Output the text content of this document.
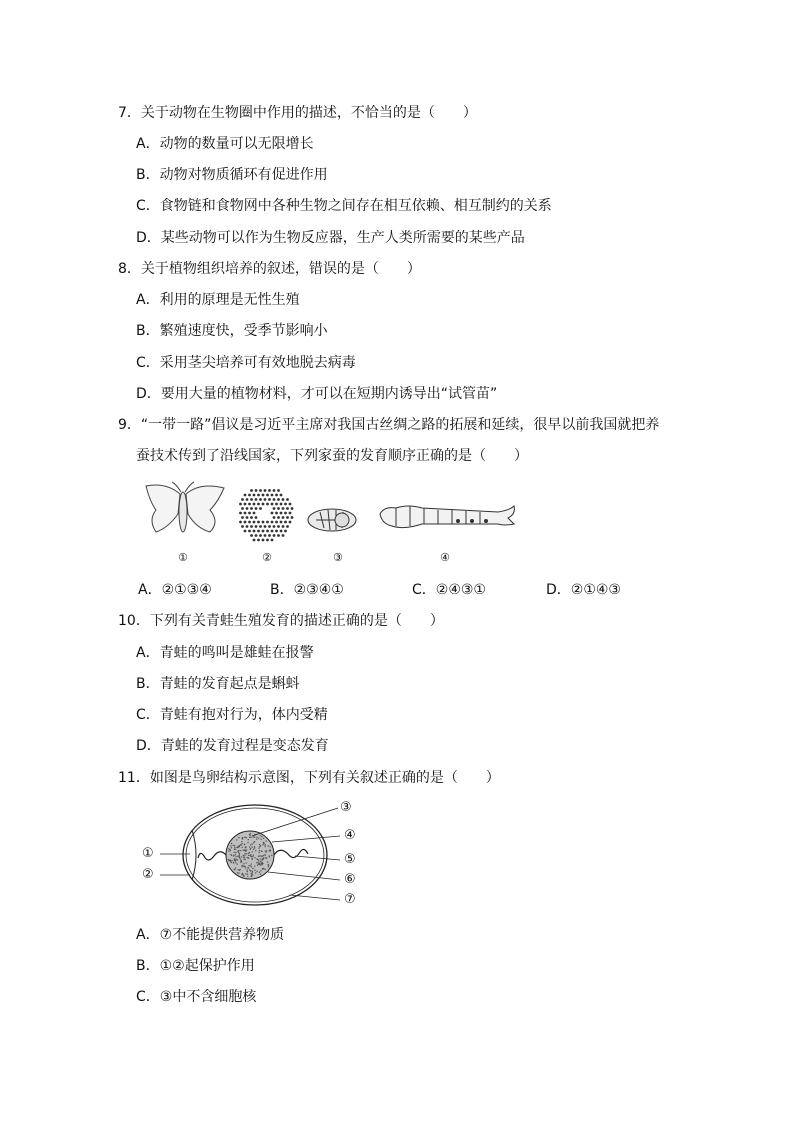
7．关于动物在生物圈中作用的描述，不恰当的是（　　）
A．动物的数量可以无限增长
B．动物对物质循环有促进作用
C．食物链和食物网中各种生物之间存在相互依赖、相互制约的关系
D．某些动物可以作为生物反应器，生产人类所需要的某些产品
8．关于植物组织培养的叙述，错误的是（　　）
A．利用的原理是无性生殖
B．繁殖速度快，受季节影响小
C．采用茎尖培养可有效地脱去病毒
D．要用大量的植物材料，才可以在短期内诱导出“试管苗”
9．“一带一路”倡议是习近平主席对我国古丝绸之路的拓展和延续，很早以前我国就把养
蚕技术传到了沿线国家，下列家蚕的发育顺序正确的是（　　）
①	②	③	④
A．②①③④	B．②③④①	C．②④③①	D．②①④③
10．下列有关青蛙生殖发育的描述正确的是（　　）
A．青蛙的鸣叫是雄蛙在报警
B．青蛙的发育起点是蝌蚪
C．青蛙有抱对行为，体内受精
D．青蛙的发育过程是变态发育
11．如图是鸟卵结构示意图，下列有关叙述正确的是（　　）
①
②
③
④
⑤
⑥
⑦
A．⑦不能提供营养物质
B．①②起保护作用
C．③中不含细胞核
